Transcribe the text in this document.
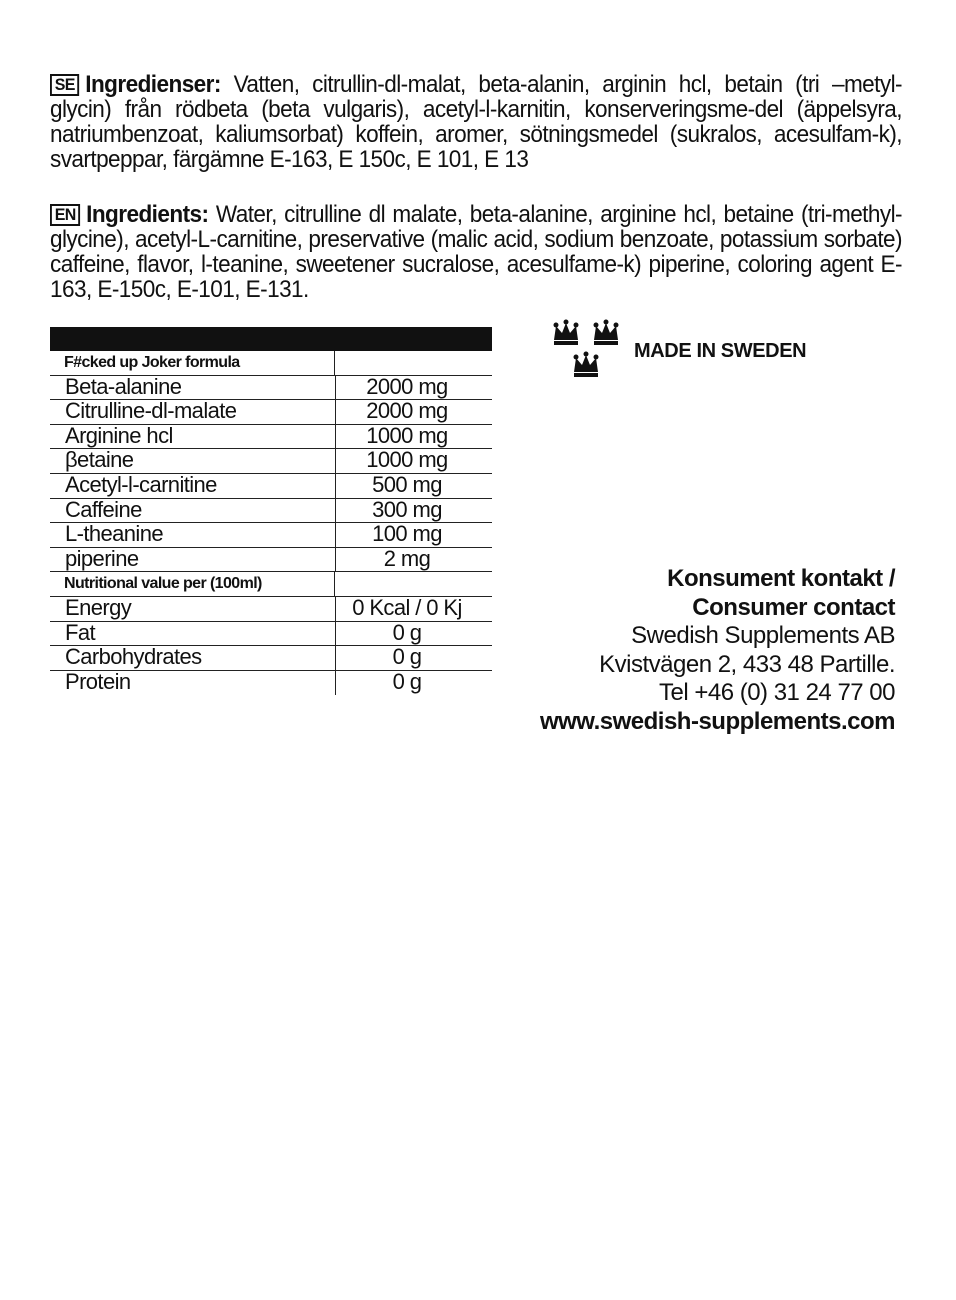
SE Ingredienser: Vatten, citrullin-dl-malat, beta-alanin, arginin hcl, betain (tri –metyl-glycin) från rödbeta (beta vulgaris), acetyl-l-karnitin, konserveringsme-del (äppelsyra, natriumbenzoat, kaliumsorbat) koffein, aromer, sötningsmedel (sukralos, acesulfam-k), svartpeppar, färgämne E-163, E 150c, E 101, E 13
EN Ingredients: Water, citrulline dl malate, beta-alanine, arginine hcl, betaine (tri-methyl-glycine), acetyl-L-carnitine, preservative (malic acid, sodium benzoate, potassium sorbate) caffeine, flavor, l-teanine, sweetener sucralose, acesulfame-k) piperine, coloring agent E-163, E-150c, E-101, E-131.
F#cked up Joker formula
Beta-alanine	2000 mg
Citrulline-dl-malate	2000 mg
Arginine hcl	1000 mg
βetaine	1000 mg
Acetyl-l-carnitine	500 mg
Caffeine	300 mg
L-theanine	100 mg
piperine	2 mg
Nutritional value per (100ml)
Energy	0 Kcal / 0 Kj
Fat	0 g
Carbohydrates	0 g
Protein	0 g
MADE IN SWEDEN
Konsument kontakt /
Consumer contact
Swedish Supplements AB
Kvistvägen 2, 433 48 Partille.
Tel +46 (0) 31 24 77 00
www.swedish-supplements.com
